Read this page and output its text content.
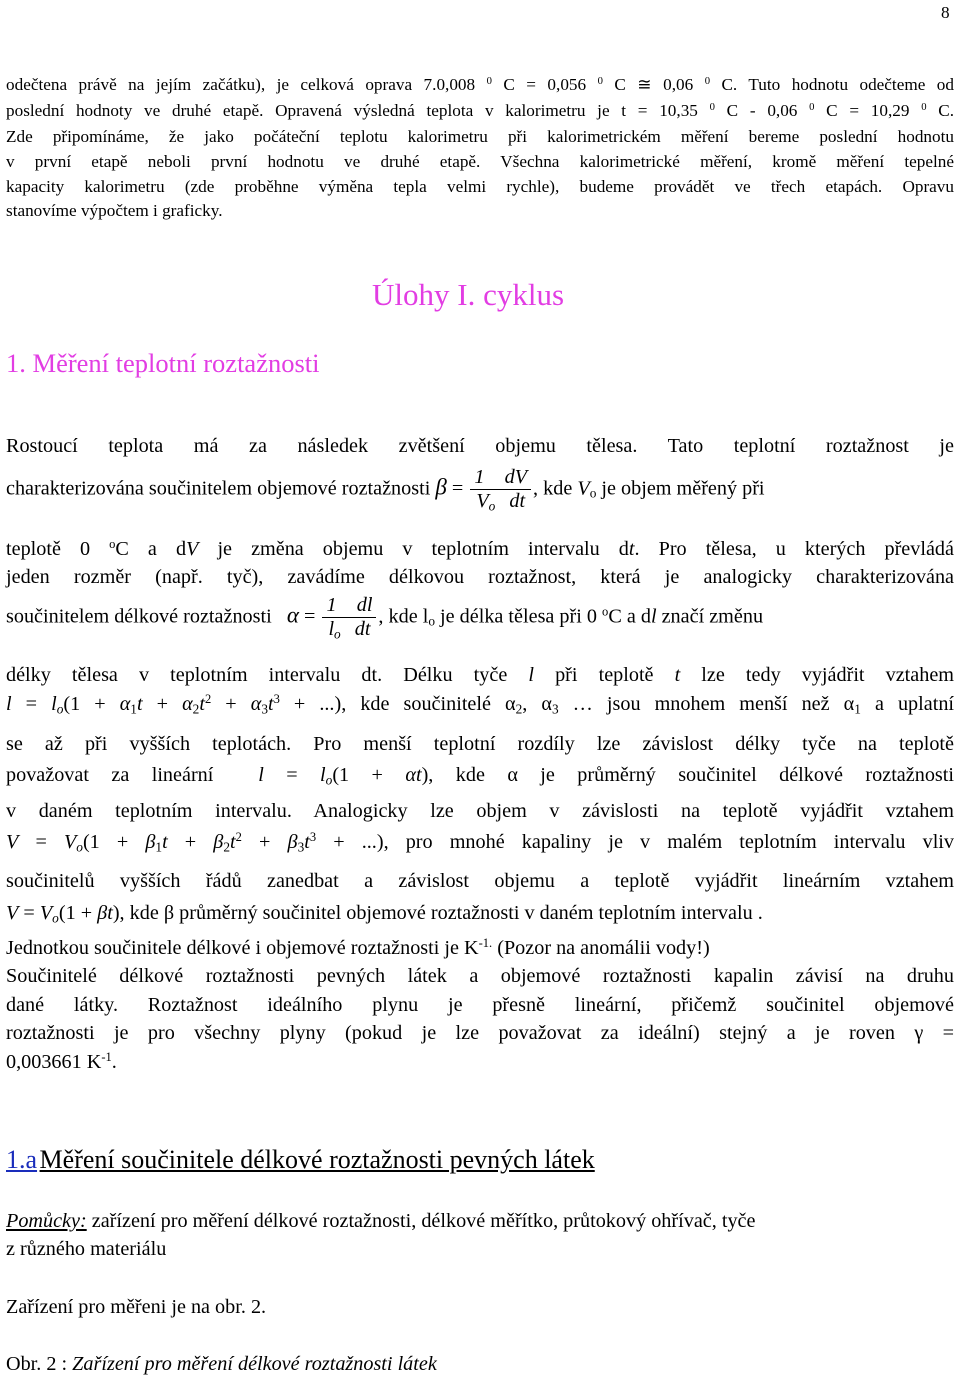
8
odečtena právě na jejím začátku), je celková oprava 7.0,008 $^0$ C = 0,056 $^0$ C ≅ 0,06 $^0$ C. Tuto hodnotu odečteme od
poslední hodnoty ve druhé etapě. Opravená výsledná teplota v kalorimetru je t = 10,35 $^0$ C - 0,06 $^0$ C = 10,29 $^0$ C.
Zde připomínáme, že jako počáteční teplotu kalorimetru při kalorimetrickém měření bereme poslední hodnotu
v první etapě neboli první hodnotu ve druhé etapě. Všechna kalorimetrické měření, kromě měření tepelné
kapacity kalorimetru (zde proběhne výměna tepla velmi rychle), budeme provádět ve třech etapách. Opravu
stanovíme výpočtem i graficky.
Úlohy I. cyklus
1. Měření teplotní roztažnosti
Rostoucí teplota má za následek zvětšení objemu tělesa. Tato teplotní roztažnost je
charakterizována součinitelem objemové roztažnosti $\beta = \frac{1 dV}{V_o dt}$ , kde $V_o$ je objem měřený při
teplotě 0 $^o$C a dV je změna objemu v teplotním intervalu dt. Pro tělesa, u kterých převládá
jeden rozměr (např. tyč), zavádíme délkovou roztažnost, která je analogicky charakterizována
součinitelem délkové roztažnosti   $\alpha = \frac{1 dl}{l_o dt}$ , kde $l_o$ je délka tělesa při 0 $^o$C a dl značí změnu
délky tělesa v teplotním intervalu dt. Délku tyče l při teplotě t lze tedy vyjádřit vztahem
$l = l_o(1 + \alpha_1t + \alpha_2t^2 + \alpha_3t^3$ + ...), kde součinitelé $\alpha_2$, $\alpha_3$ … jsou mnohem menší než $\alpha_1$ a uplatní
se až při vyšších teplotách. Pro menší teplotní rozdíly lze závislost délky tyče na teplotě
považovat za lineární  $l = l_o(1 + \alpha t)$, kde α je průměrný součinitel délkové roztažnosti
v daném teplotním intervalu. Analogicky lze objem v závislosti na teplotě vyjádřit vztahem
$V = V_o(1 + \beta_1t + \beta_2t^2 + \beta_3t^3$ + ...), pro mnohé kapaliny je v malém teplotním intervalu vliv
součinitelů vyšších řádů zanedbat a závislost objemu a teplotě vyjádřit lineárním vztahem
$V = V_o(1 + \beta t)$, kde β průměrný součinitel objemové roztažnosti v daném teplotním intervalu .
Jednotkou součinitele délkové i objemové roztažnosti je $K^{-1.}$ (Pozor na anomálii vody!)
Součinitelé délkové roztažnosti pevných látek a objemové roztažnosti kapalin závisí na druhu
dané látky. Roztažnost ideálního plynu je přesně lineární, přičemž součinitel objemové
roztažnosti je pro všechny plyny (pokud je lze považovat za ideální) stejný a je roven γ =
0,003661 $K^{-1}$.
1.a Měření součinitele délkové roztažnosti pevných látek
Pomůcky: zařízení pro měření délkové roztažnosti, délkové měřítko, průtokový ohřívač, tyče
z různého materiálu
Zařízení pro měřeni je na obr. 2.
Obr. 2 : Zařízení pro měření délkové roztažnosti látek
